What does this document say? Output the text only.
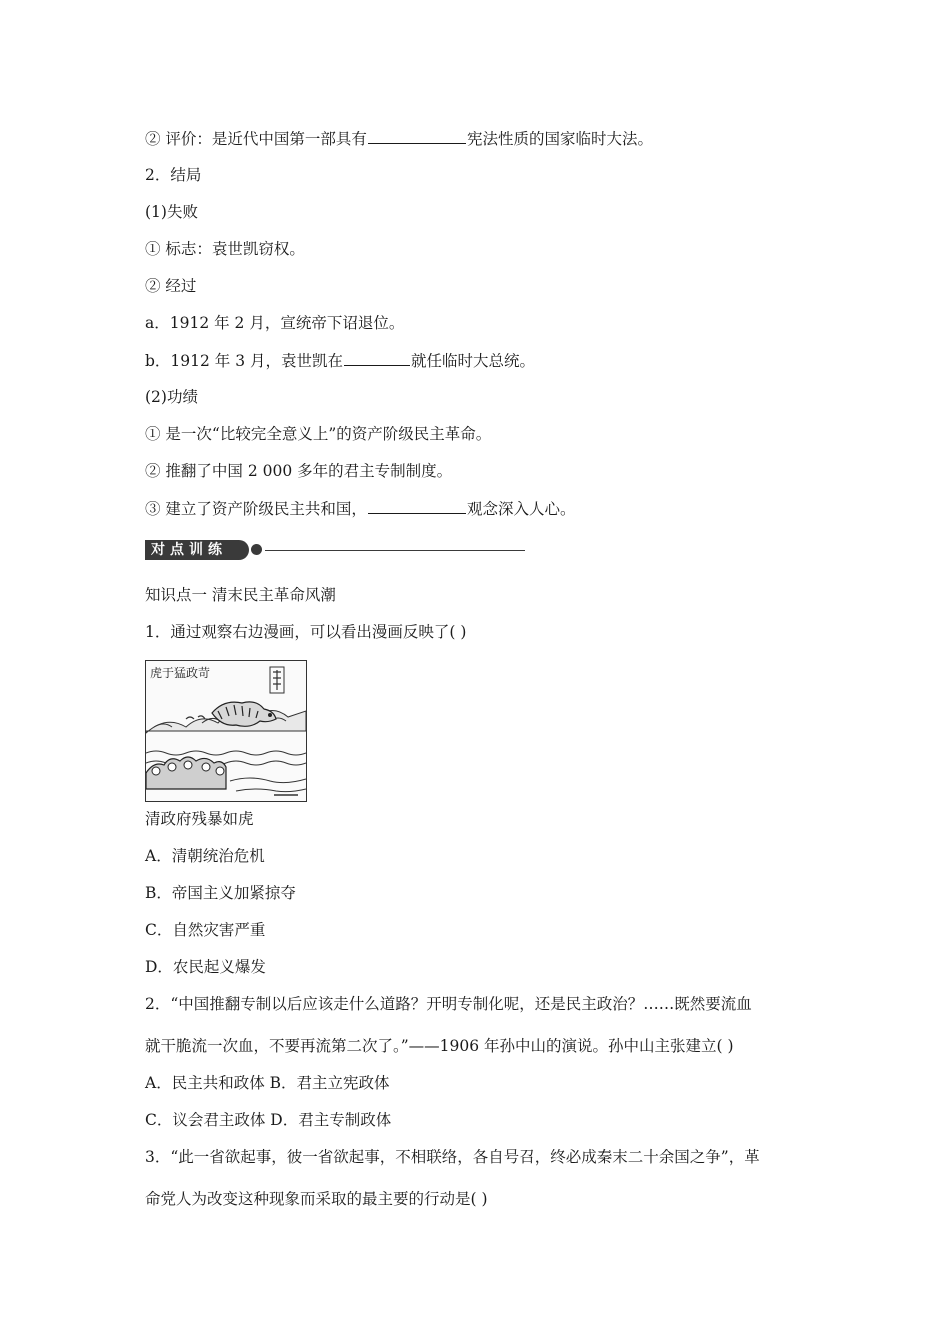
② 评价：是近代中国第一部具有	宪法性质的国家临时大法。
2．结局
(1)失败
① 标志：袁世凯窃权。
② 经过
a．1912 年 2 月，宣统帝下诏退位。
b．1912 年 3 月，袁世凯在	就任临时大总统。
(2)功绩
① 是一次“比较完全意义上”的资产阶级民主革命。
② 推翻了中国 2 000 多年的君主专制制度。
③ 建立了资产阶级民主共和国，	观念深入人心。
对点训练
知识点一 清末民主革命风潮
1．通过观察右边漫画，可以看出漫画反映了( )
虎于猛政苛
清政府残暴如虎
A．清朝统治危机
B．帝国主义加紧掠夺
C．自然灾害严重
D．农民起义爆发
2．“中国推翻专制以后应该走什么道路？开明专制化呢，还是民主政治？……既然要流血
就干脆流一次血，不要再流第二次了。”——1906 年孙中山的演说。孙中山主张建立( )
A．民主共和政体 B．君主立宪政体
C．议会君主政体 D．君主专制政体
3．“此一省欲起事，彼一省欲起事，不相联络，各自号召，终必成秦末二十余国之争”，革
命党人为改变这种现象而采取的最主要的行动是( )
